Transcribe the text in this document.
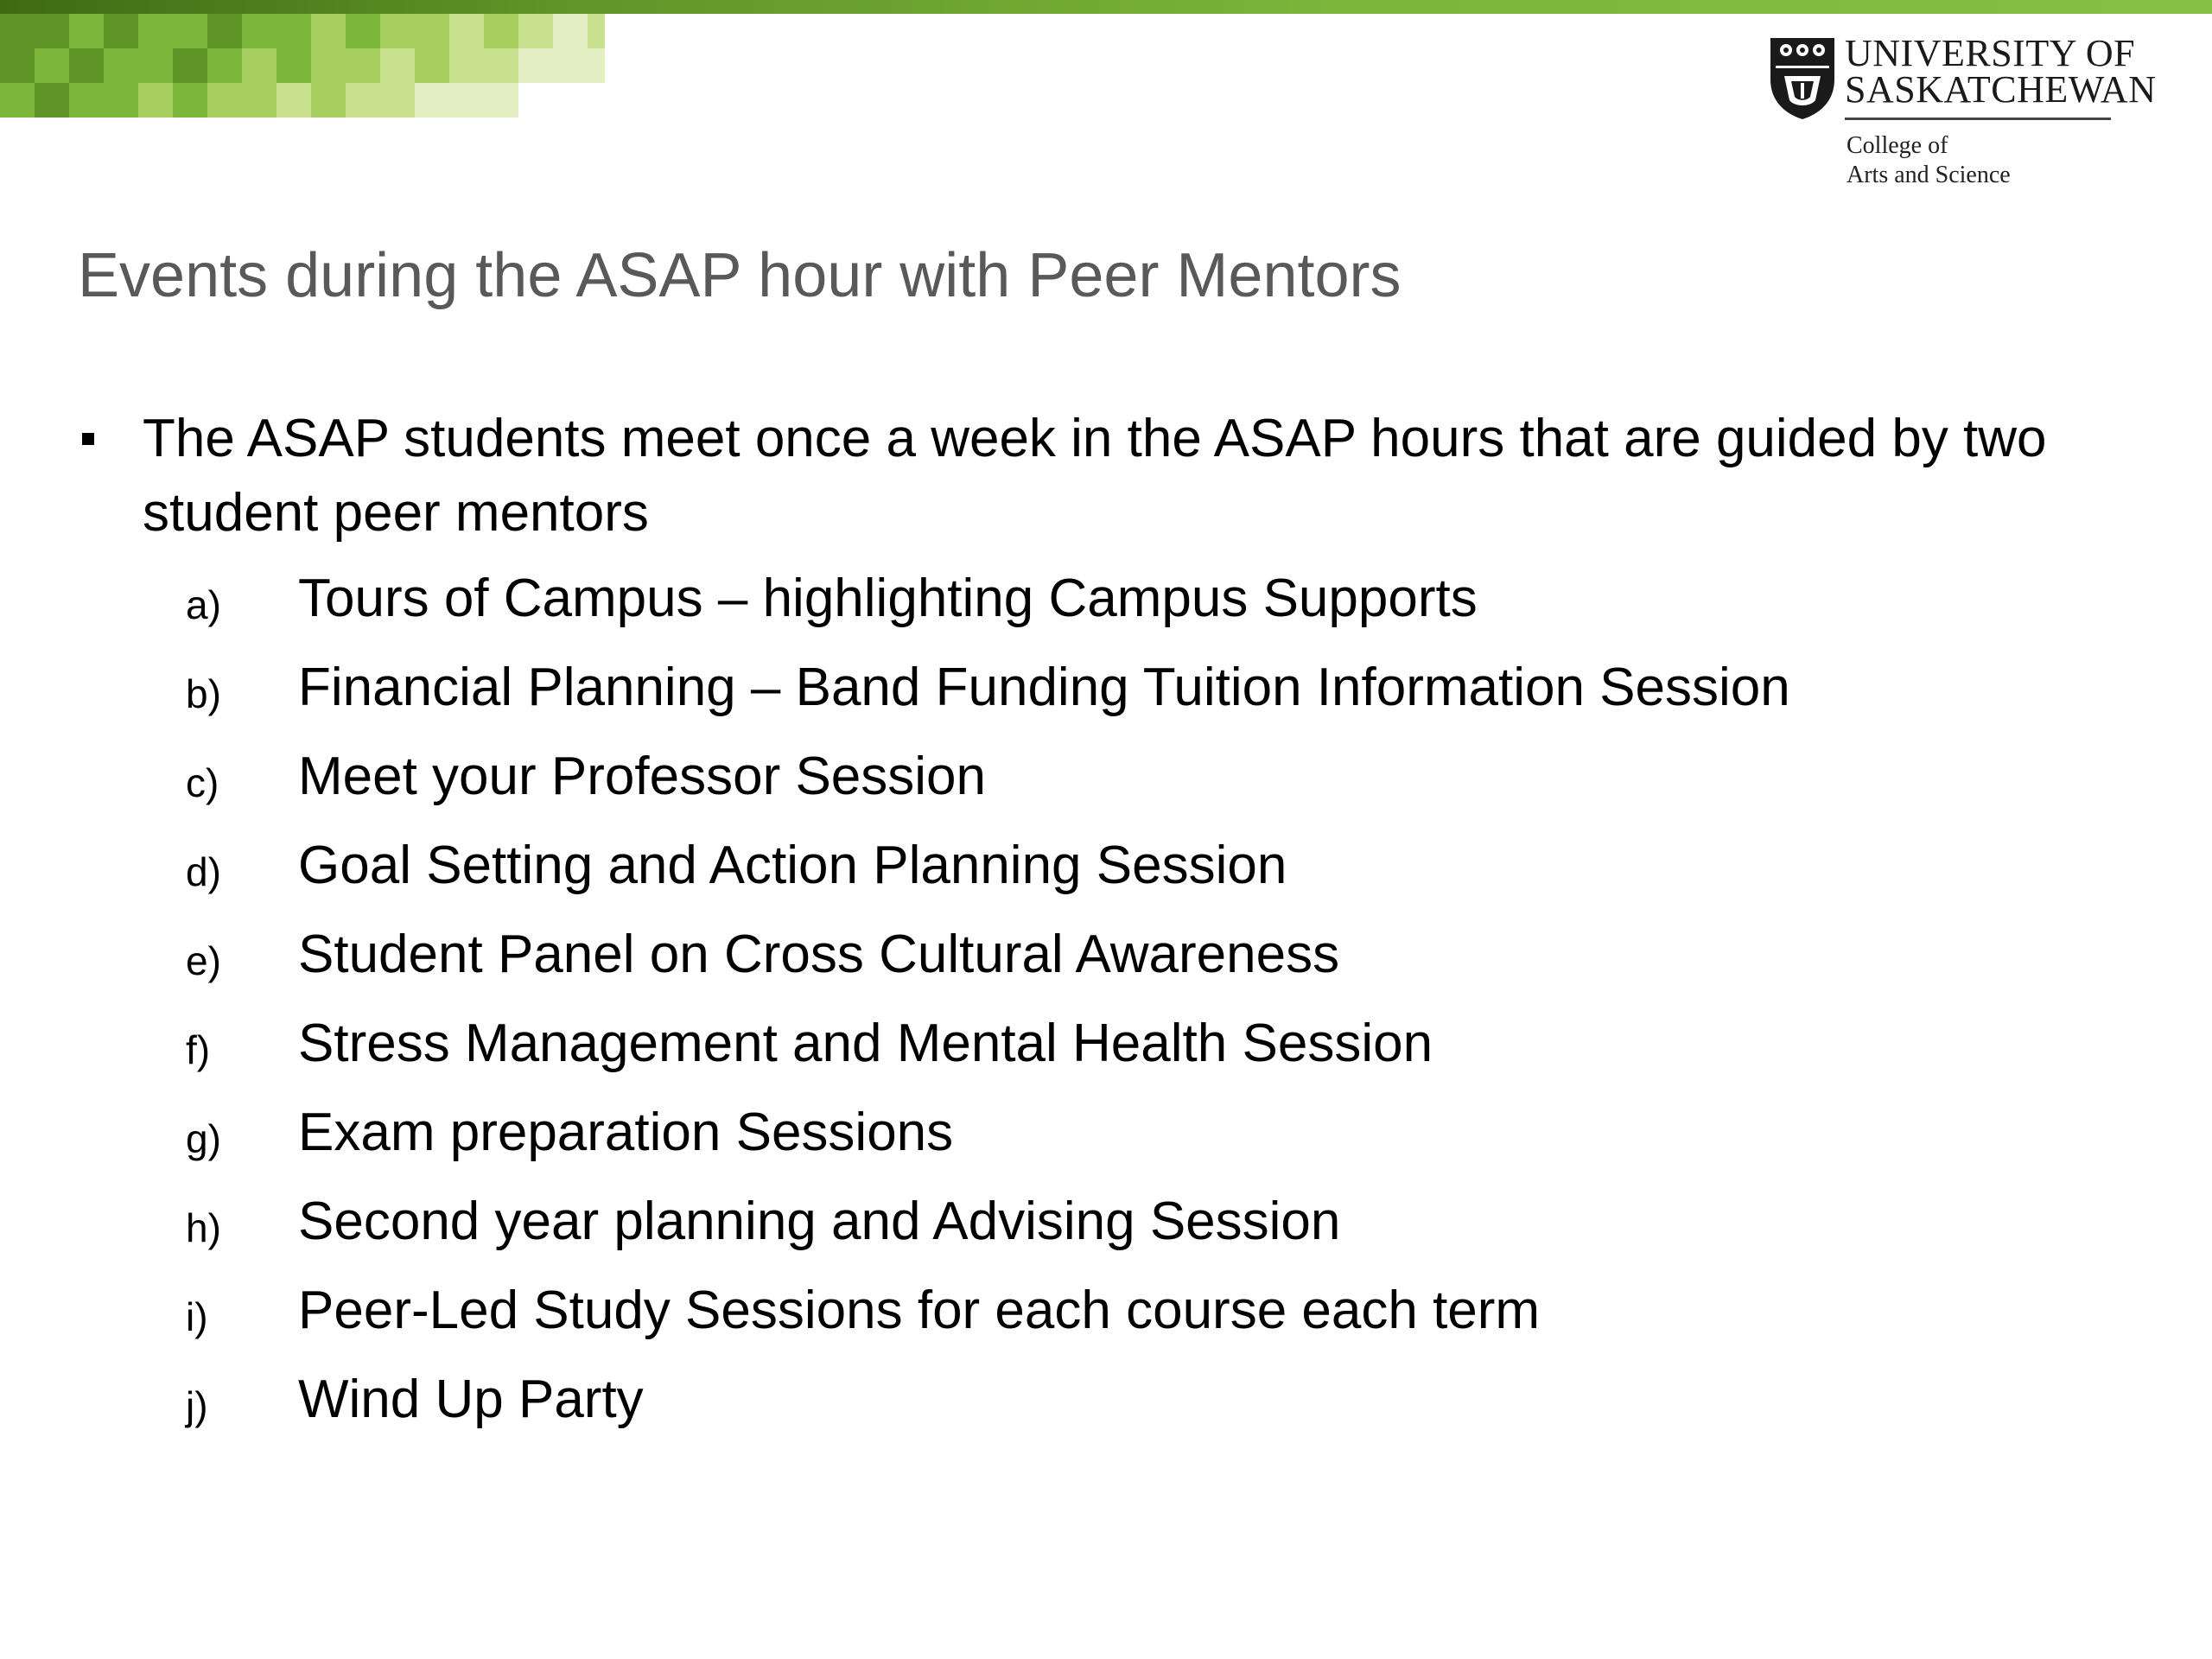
UNIVERSITY OF
SASKATCHEWAN
College of
Arts and Science
Events during the ASAP hour with Peer Mentors
The ASAP students meet once a week in the ASAP hours that are guided by two student peer mentors
a) Tours of Campus – highlighting Campus Supports
b) Financial Planning – Band Funding Tuition Information Session
c) Meet your Professor Session
d) Goal Setting and Action Planning Session
e) Student Panel on Cross Cultural Awareness
f) Stress Management and Mental Health Session
g) Exam preparation Sessions
h) Second year planning and Advising Session
i) Peer-Led Study Sessions for each course each term
j) Wind Up Party
